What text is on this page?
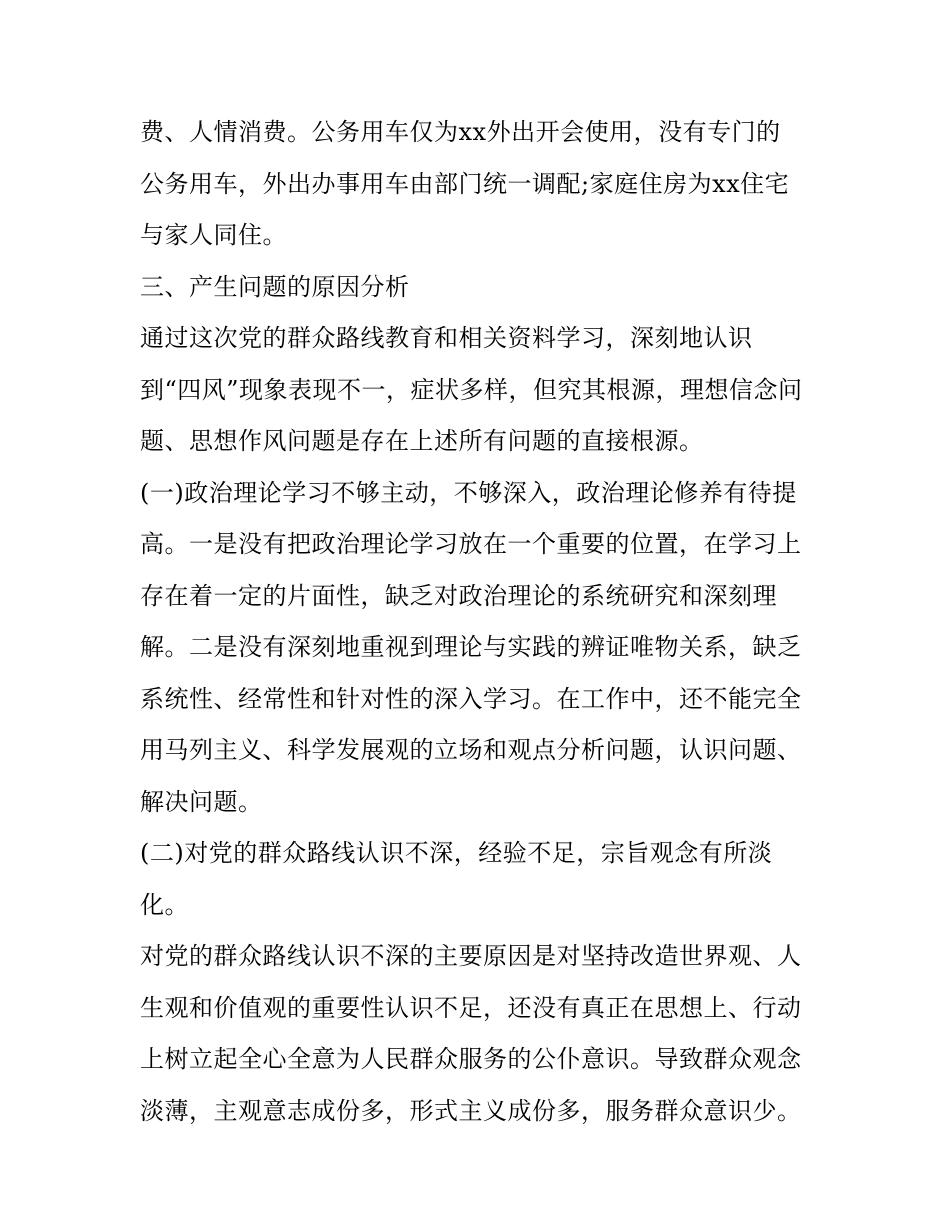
费、人情消费。公务用车仅为xx外出开会使用，没有专门的
公务用车，外出办事用车由部门统一调配;家庭住房为xx住宅
与家人同住。
三、产生问题的原因分析
通过这次党的群众路线教育和相关资料学习，深刻地认识
到“四风”现象表现不一，症状多样，但究其根源，理想信念问
题、思想作风问题是存在上述所有问题的直接根源。
(一)政治理论学习不够主动，不够深入，政治理论修养有待提
高。一是没有把政治理论学习放在一个重要的位置，在学习上
存在着一定的片面性，缺乏对政治理论的系统研究和深刻理
解。二是没有深刻地重视到理论与实践的辨证唯物关系，缺乏
系统性、经常性和针对性的深入学习。在工作中，还不能完全
用马列主义、科学发展观的立场和观点分析问题，认识问题、
解决问题。
(二)对党的群众路线认识不深，经验不足，宗旨观念有所淡
化。
对党的群众路线认识不深的主要原因是对坚持改造世界观、人
生观和价值观的重要性认识不足，还没有真正在思想上、行动
上树立起全心全意为人民群众服务的公仆意识。导致群众观念
淡薄，主观意志成份多，形式主义成份多，服务群众意识少。
